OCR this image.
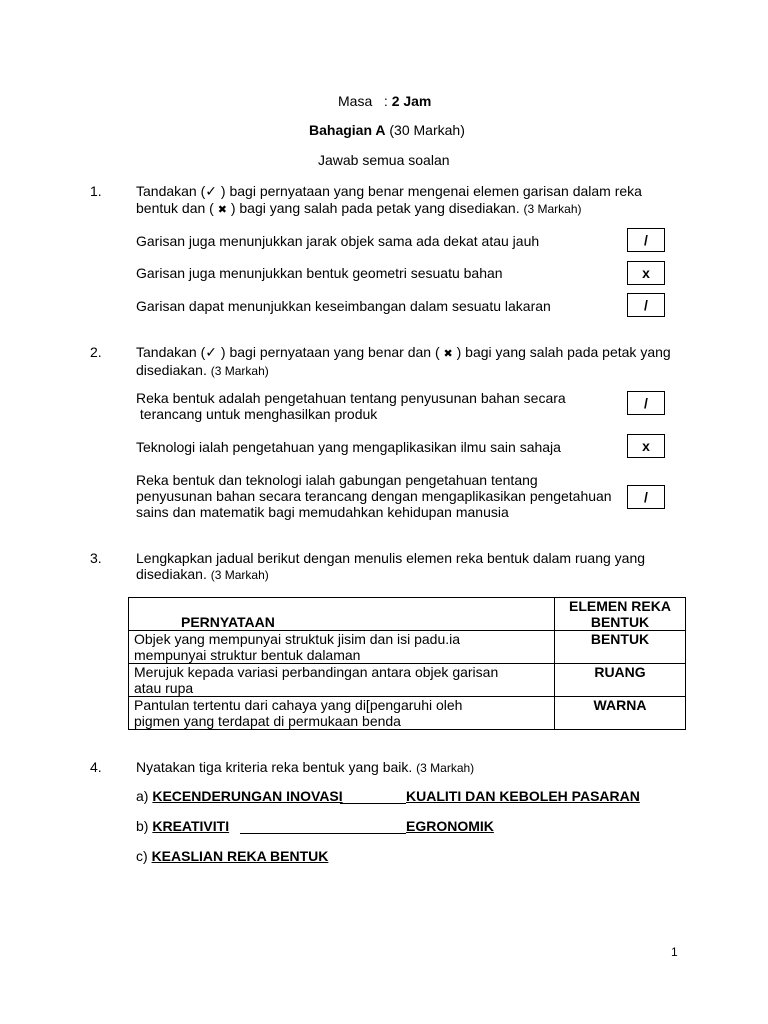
Masa : 2 Jam
Bahagian A (30 Markah)
Jawab semua soalan
1. Tandakan (✓ ) bagi pernyataan yang benar mengenai elemen garisan dalam reka
bentuk dan ( ✖ ) bagi yang salah pada petak yang disediakan. (3 Markah)
Garisan juga menunjukkan jarak objek sama ada dekat atau jauh	/
Garisan juga menunjukkan bentuk geometri sesuatu bahan	x
Garisan dapat menunjukkan keseimbangan dalam sesuatu lakaran	/
2. Tandakan (✓ ) bagi pernyataan yang benar dan ( ✖ ) bagi yang salah pada petak yang
disediakan. (3 Markah)
Reka bentuk adalah pengetahuan tentang penyusunan bahan secara
terancang untuk menghasilkan produk
/
Teknologi ialah pengetahuan yang mengaplikasikan ilmu sain sahaja	x
Reka bentuk dan teknologi ialah gabungan pengetahuan tentang
penyusunan bahan secara terancang dengan mengaplikasikan pengetahuan
sains dan matematik bagi memudahkan kehidupan manusia
/
3. Lengkapkan jadual berikut dengan menulis elemen reka bentuk dalam ruang yang
disediakan. (3 Markah)
PERNYATAAN	ELEMEN REKA BENTUK
Objek yang mempunyai struktuk jisim dan isi padu.ia
mempunyai struktur bentuk dalaman	BENTUK
Merujuk kepada variasi perbandingan antara objek garisan
atau rupa	RUANG
Pantulan tertentu dari cahaya yang di[pengaruhi oleh
pigmen yang terdapat di permukaan benda	WARNA
4. Nyatakan tiga kriteria reka bentuk yang baik. (3 Markah)
a) KECENDERUNGAN INOVASI	KUALITI DAN KEBOLEH PASARAN
b) KREATIVITI	EGRONOMIK
c) KEASLIAN REKA BENTUK
1
